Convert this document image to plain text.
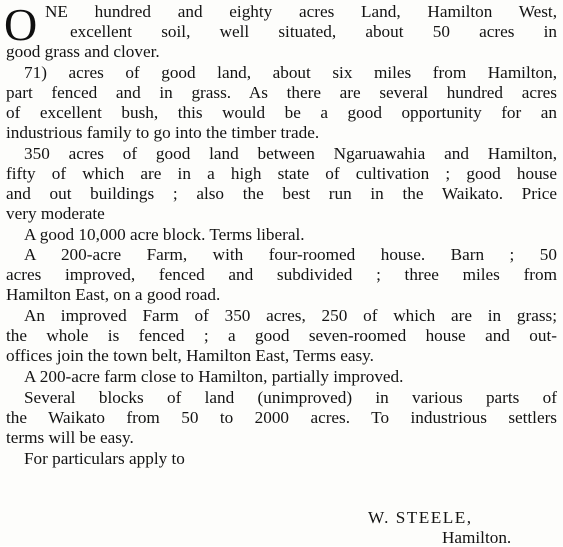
O NE hundred and eighty acres Land, Hamilton West,
excellent soil, well situated, about 50 acres in
good grass and clover.
71) acres of good land, about six miles from Hamilton,
part fenced and in grass. As there are several hundred acres
of excellent bush, this would be a good opportunity for an
industrious family to go into the timber trade.
350 acres of good land between Ngaruawahia and Hamilton,
fifty of which are in a high state of cultivation ; good house
and out buildings ; also the best run in the Waikato. Price
very moderate
A good 10,000 acre block. Terms liberal.
A 200-acre Farm, with four-roomed house. Barn ; 50
acres improved, fenced and subdivided ; three miles from
Hamilton East, on a good road.
An improved Farm of 350 acres, 250 of which are in grass;
the whole is fenced ; a good seven-roomed house and out-
offices join the town belt, Hamilton East, Terms easy.
A 200-acre farm close to Hamilton, partially improved.
Several blocks of land (unimproved) in various parts of
the Waikato from 50 to 2000 acres. To industrious settlers
terms will be easy.
For particulars apply to
W. STEELE,
Hamilton.
